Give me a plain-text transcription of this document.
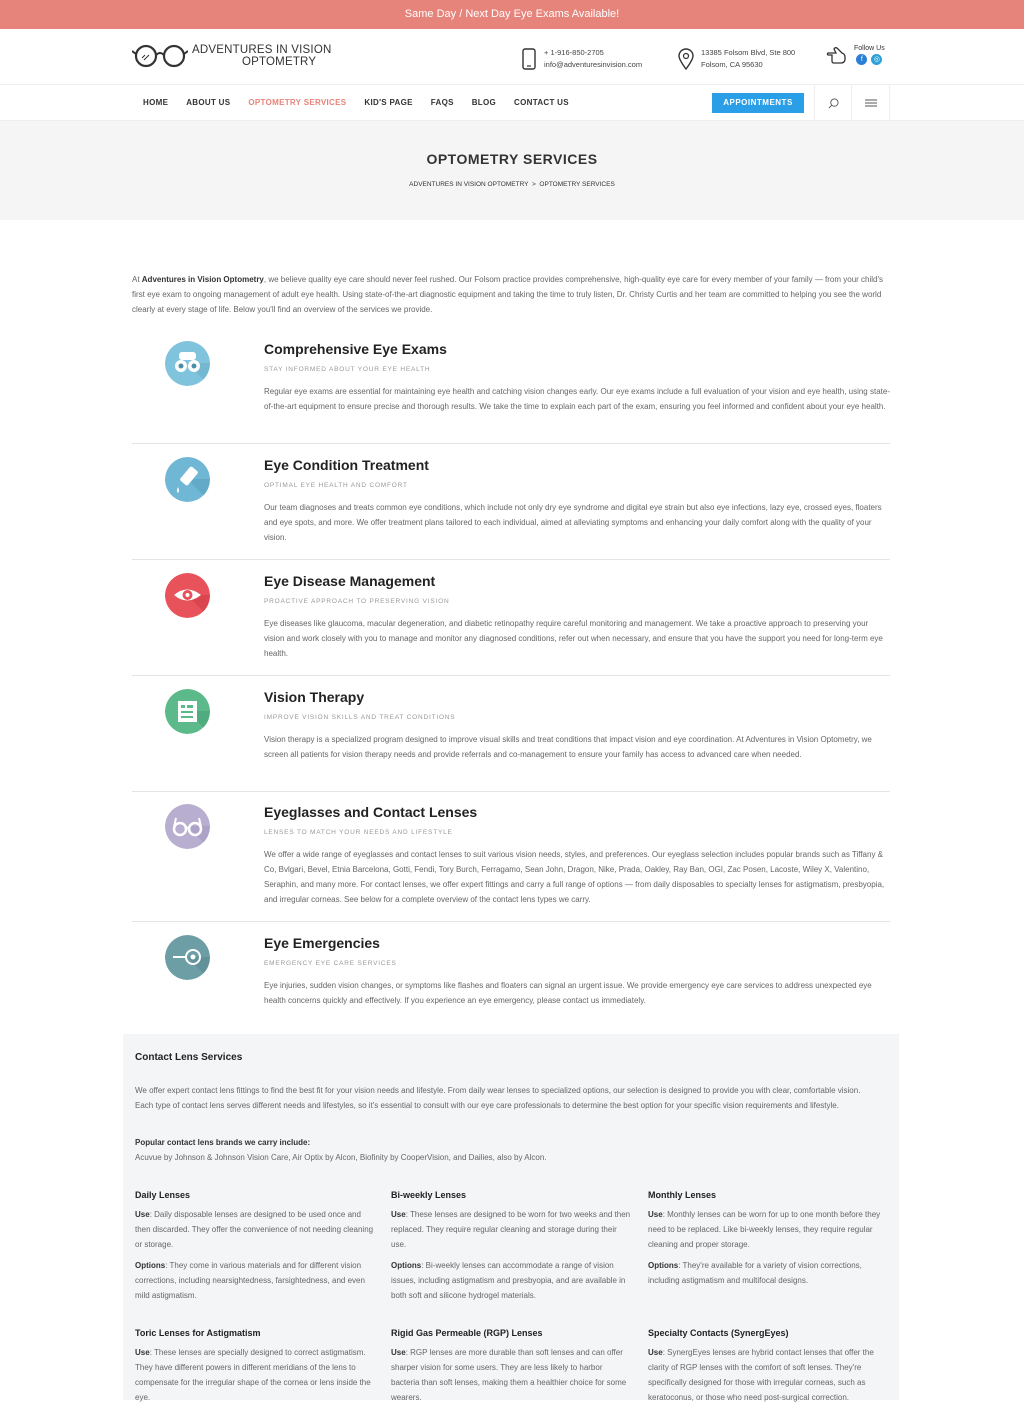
Same Day / Next Day Eye Exams Available!
ADVENTURES IN VISION
OPTOMETRY
+ 1-916-850-2705
info@adventuresinvision.com
13385 Folsom Blvd, Ste 800
Folsom, CA 95630
Follow Us
f ◎
HOME ABOUT US OPTOMETRY SERVICES KID'S PAGE FAQS BLOG CONTACT US	APPOINTMENTS
OPTOMETRY SERVICES
ADVENTURES IN VISION OPTOMETRY > OPTOMETRY SERVICES
At Adventures in Vision Optometry, we believe quality eye care should never feel rushed. Our Folsom practice provides comprehensive, high-quality eye care for every member of your family — from your child's first eye exam to ongoing management of adult eye health. Using state-of-the-art diagnostic equipment and taking the time to truly listen, Dr. Christy Curtis and her team are committed to helping you see the world clearly at every stage of life. Below you'll find an overview of the services we provide.
Comprehensive Eye Exams
STAY INFORMED ABOUT YOUR EYE HEALTH

Regular eye exams are essential for maintaining eye health and catching vision changes early. Our eye exams include a full evaluation of your vision and eye health, using state-of-the-art equipment to ensure precise and thorough results. We take the time to explain each part of the exam, ensuring you feel informed and confident about your eye health.

Eye Condition Treatment
OPTIMAL EYE HEALTH AND COMFORT

Our team diagnoses and treats common eye conditions, which include not only dry eye syndrome and digital eye strain but also eye infections, lazy eye, crossed eyes, floaters and eye spots, and more. We offer treatment plans tailored to each individual, aimed at alleviating symptoms and enhancing your daily comfort along with the quality of your vision.

Eye Disease Management
PROACTIVE APPROACH TO PRESERVING VISION

Eye diseases like glaucoma, macular degeneration, and diabetic retinopathy require careful monitoring and management. We take a proactive approach to preserving your vision and work closely with you to manage and monitor any diagnosed conditions, refer out when necessary, and ensure that you have the support you need for long-term eye health.

Vision Therapy
IMPROVE VISION SKILLS AND TREAT CONDITIONS

Vision therapy is a specialized program designed to improve visual skills and treat conditions that impact vision and eye coordination. At Adventures in Vision Optometry, we screen all patients for vision therapy needs and provide referrals and co-management to ensure your family has access to advanced care when needed.

Eyeglasses and Contact Lenses
LENSES TO MATCH YOUR NEEDS AND LIFESTYLE

We offer a wide range of eyeglasses and contact lenses to suit various vision needs, styles, and preferences. Our eyeglass selection includes popular brands such as Tiffany & Co, Bvlgari, Bevel, Etnia Barcelona, Gotti, Fendi, Tory Burch, Ferragamo, Sean John, Dragon, Nike, Prada, Oakley, Ray Ban, OGI, Zac Posen, Lacoste, Wiley X, Valentino, Seraphin, and many more. For contact lenses, we offer expert fittings and carry a full range of options — from daily disposables to specialty lenses for astigmatism, presbyopia, and irregular corneas. See below for a complete overview of the contact lens types we carry.

Eye Emergencies
EMERGENCY EYE CARE SERVICES

Eye injuries, sudden vision changes, or symptoms like flashes and floaters can signal an urgent issue. We provide emergency eye care services to address unexpected eye health concerns quickly and effectively. If you experience an eye emergency, please contact us immediately.

Contact Lens Services
We offer expert contact lens fittings to find the best fit for your vision needs and lifestyle. From daily wear lenses to specialized options, our selection is designed to provide you with clear, comfortable vision. Each type of contact lens serves different needs and lifestyles, so it's essential to consult with our eye care professionals to determine the best option for your specific vision requirements and lifestyle.
Popular contact lens brands we carry include:
Acuvue by Johnson & Johnson Vision Care, Air Optix by Alcon, Biofinity by CooperVision, and Dailies, also by Alcon.
Daily Lenses

Use: Daily disposable lenses are designed to be used once and then discarded. They offer the convenience of not needing cleaning or storage.

Options: They come in various materials and for different vision corrections, including nearsightedness, farsightedness, and even mild astigmatism.

Bi-weekly Lenses

Use: These lenses are designed to be worn for two weeks and then replaced. They require regular cleaning and storage during their use.

Options: Bi-weekly lenses can accommodate a range of vision issues, including astigmatism and presbyopia, and are available in both soft and silicone hydrogel materials.

Monthly Lenses

Use: Monthly lenses can be worn for up to one month before they need to be replaced. Like bi-weekly lenses, they require regular cleaning and proper storage.

Options: They're available for a variety of vision corrections, including astigmatism and multifocal designs.

Toric Lenses for Astigmatism

Use: These lenses are specially designed to correct astigmatism. They have different powers in different meridians of the lens to compensate for the irregular shape of the cornea or lens inside the eye.

Rigid Gas Permeable (RGP) Lenses

Use: RGP lenses are more durable than soft lenses and can offer sharper vision for some users. They are less likely to harbor bacteria than soft lenses, making them a healthier choice for some wearers.

Specialty Contacts (SynergEyes)

Use: SynergEyes lenses are hybrid contact lenses that offer the clarity of RGP lenses with the comfort of soft lenses. They're specifically designed for those with irregular corneas, such as keratoconus, or those who need post-surgical correction.
